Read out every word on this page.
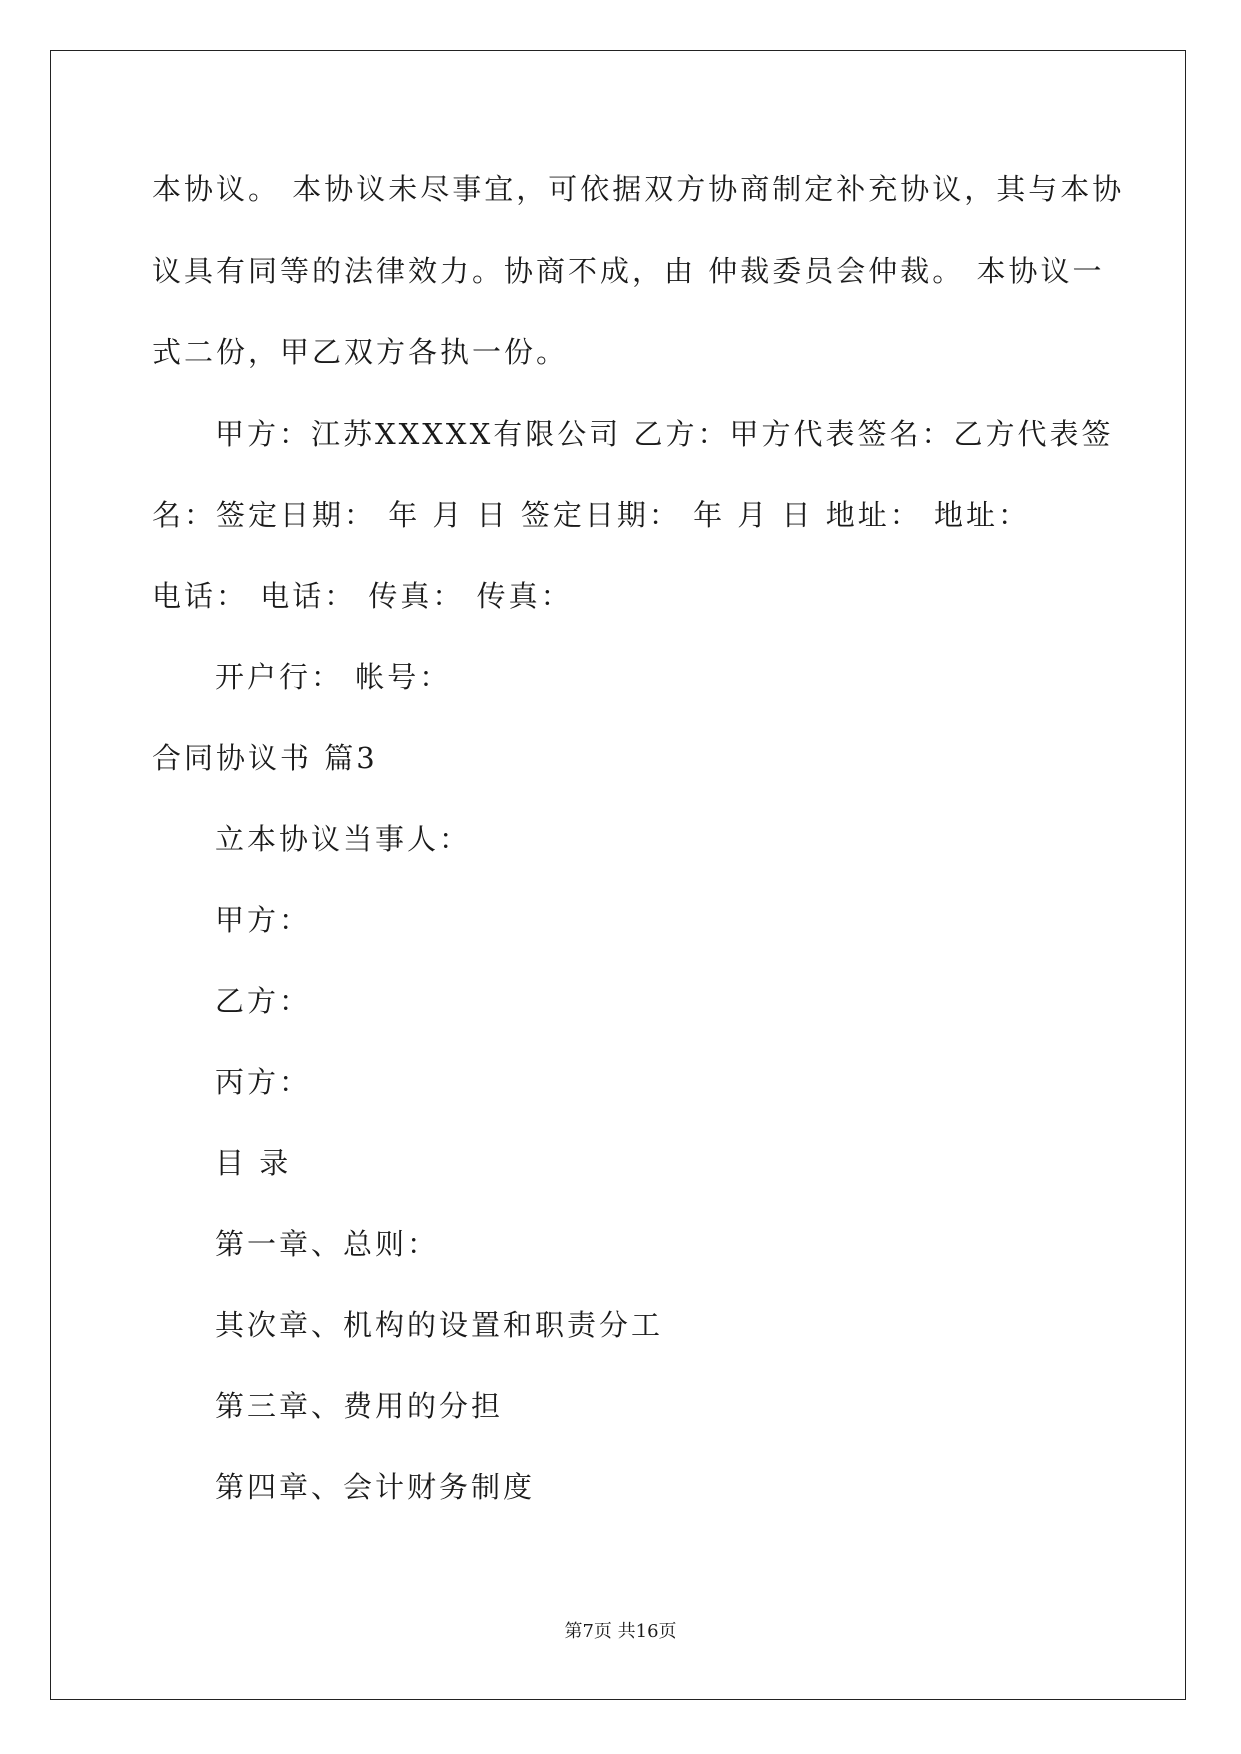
本协议。 本协议未尽事宜，可依据双方协商制定补充协议，其与本协
议具有同等的法律效力。协商不成，由 仲裁委员会仲裁。 本协议一
式二份，甲乙双方各执一份。
甲方：江苏XXXXX有限公司 乙方：甲方代表签名：乙方代表签
名：签定日期： 年 月 日 签定日期： 年 月 日 地址： 地址：
电话： 电话： 传真： 传真：
开户行： 帐号：
合同协议书 篇3
立本协议当事人：
甲方：
乙方：
丙方：
目 录
第一章、总则：
其次章、机构的设置和职责分工
第三章、费用的分担
第四章、会计财务制度
第7页 共16页
